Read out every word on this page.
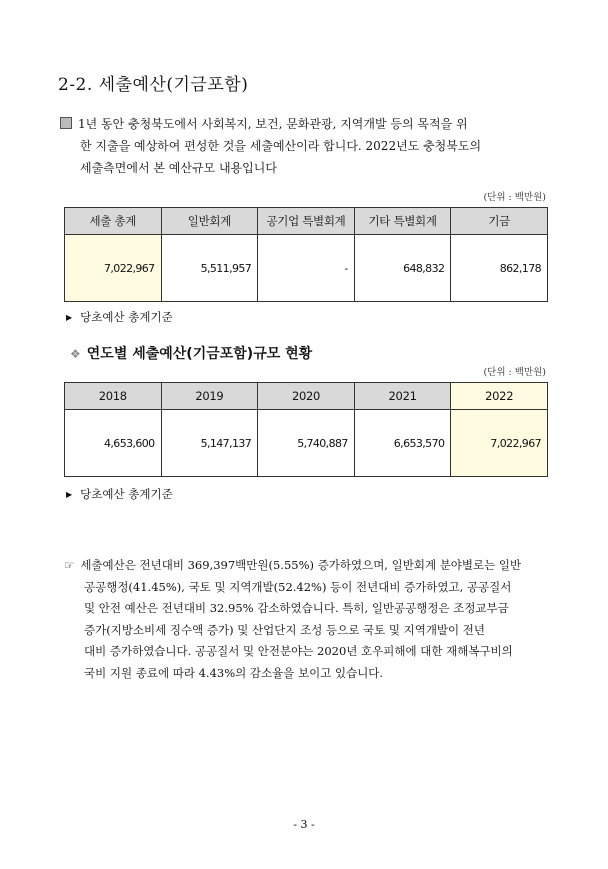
2-2. 세출예산(기금포함)
1년 동안 충청북도에서 사회복지, 보건, 문화관광, 지역개발 등의 목적을 위
한 지출을 예상하여 편성한 것을 세출예산이라 합니다. 2022년도 충청북도의
세출측면에서 본 예산규모 내용입니다
(단위 : 백만원)
세출 총계	일반회계	공기업 특별회계	기타 특별회계	기금
7,022,967	5,511,957	-	648,832	862,178
▶ 당초예산 총계기준
❖ 연도별 세출예산(기금포함)규모 현황
(단위 : 백만원)
2018	2019	2020	2021	2022
4,653,600	5,147,137	5,740,887	6,653,570	7,022,967
▶ 당초예산 총계기준
☞ 세출예산은 전년대비 369,397백만원(5.55%) 증가하였으며, 일반회계 분야별로는 일반
공공행정(41.45%), 국토 및 지역개발(52.42%) 등이 전년대비 증가하였고, 공공질서
및 안전 예산은 전년대비 32.95% 감소하였습니다. 특히, 일반공공행정은 조정교부금
증가(지방소비세 징수액 증가) 및 산업단지 조성 등으로 국토 및 지역개발이 전년
대비 증가하였습니다. 공공질서 및 안전분야는 2020년 호우피해에 대한 재해복구비의
국비 지원 종료에 따라 4.43%의 감소율을 보이고 있습니다.
- 3 -
